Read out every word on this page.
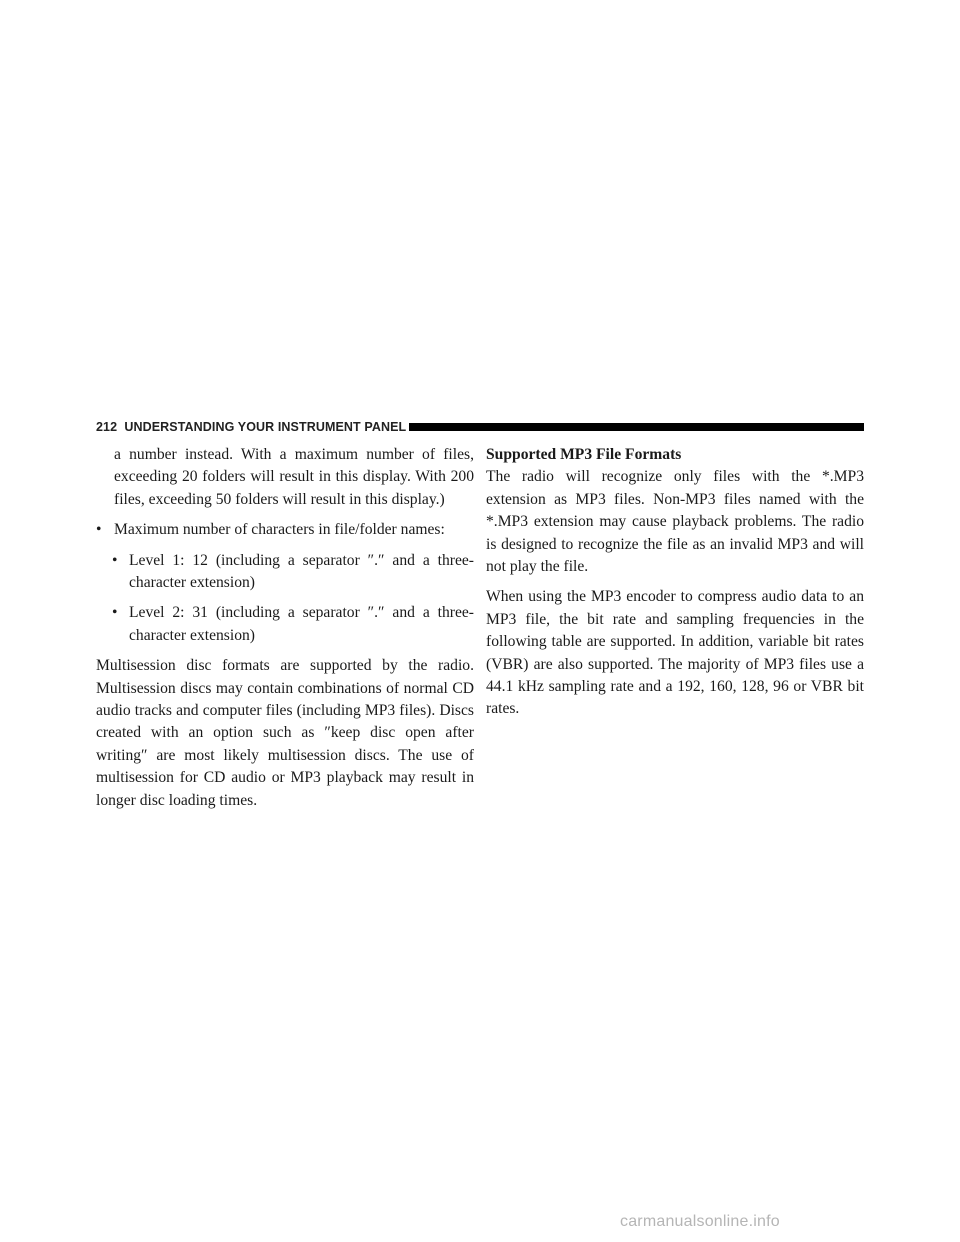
212 UNDERSTANDING YOUR INSTRUMENT PANEL

a number instead. With a maximum number of files, exceeding 20 folders will result in this display. With 200 files, exceeding 50 folders will result in this display.)

• Maximum number of characters in file/folder names:
• Level 1: 12 (including a separator ″.″ and a three-character extension)
• Level 2: 31 (including a separator ″.″ and a three-character extension)

Multisession disc formats are supported by the radio. Multisession discs may contain combinations of normal CD audio tracks and computer files (including MP3 files). Discs created with an option such as ″keep disc open after writing″ are most likely multisession discs. The use of multisession for CD audio or MP3 playback may result in longer disc loading times.

Supported MP3 File Formats

The radio will recognize only files with the *.MP3 extension as MP3 files. Non-MP3 files named with the *.MP3 extension may cause playback problems. The radio is designed to recognize the file as an invalid MP3 and will not play the file.

When using the MP3 encoder to compress audio data to an MP3 file, the bit rate and sampling frequencies in the following table are supported. In addition, variable bit rates (VBR) are also supported. The majority of MP3 files use a 44.1 kHz sampling rate and a 192, 160, 128, 96 or VBR bit rates.

carmanualsonline.info
